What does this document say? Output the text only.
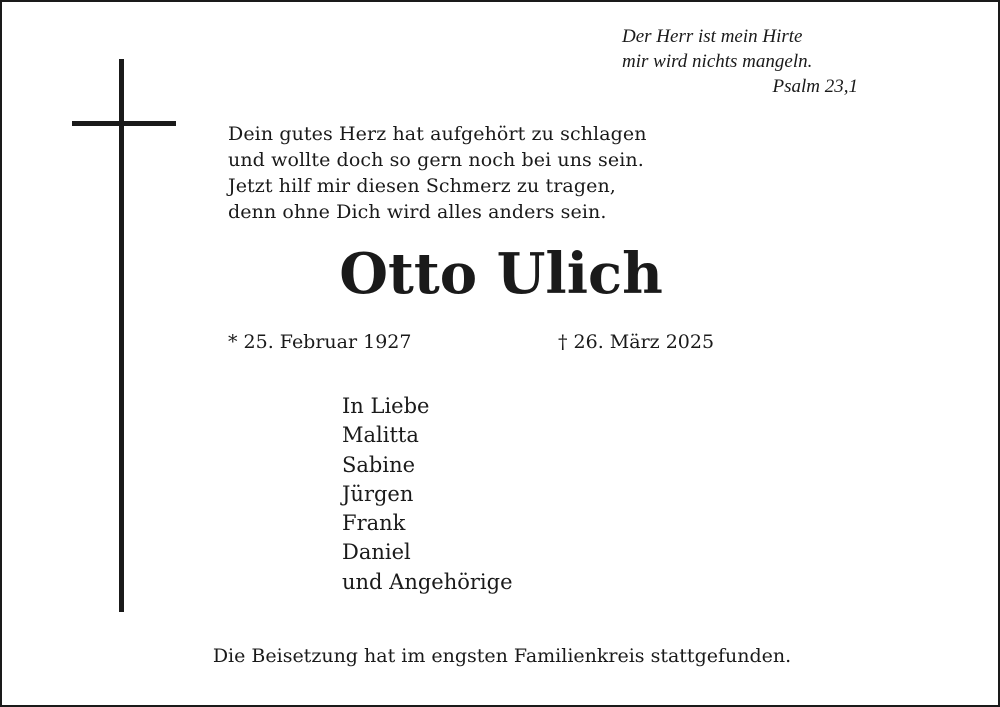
Der Herr ist mein Hirte
mir wird nichts mangeln.
Psalm 23,1
Dein gutes Herz hat aufgehört zu schlagen
und wollte doch so gern noch bei uns sein.
Jetzt hilf mir diesen Schmerz zu tragen,
denn ohne Dich wird alles anders sein.
Otto Ulich
* 25. Februar 1927	† 26. März 2025
In Liebe
Malitta
Sabine
Jürgen
Frank
Daniel
und Angehörige
Die Beisetzung hat im engsten Familienkreis stattgefunden.
